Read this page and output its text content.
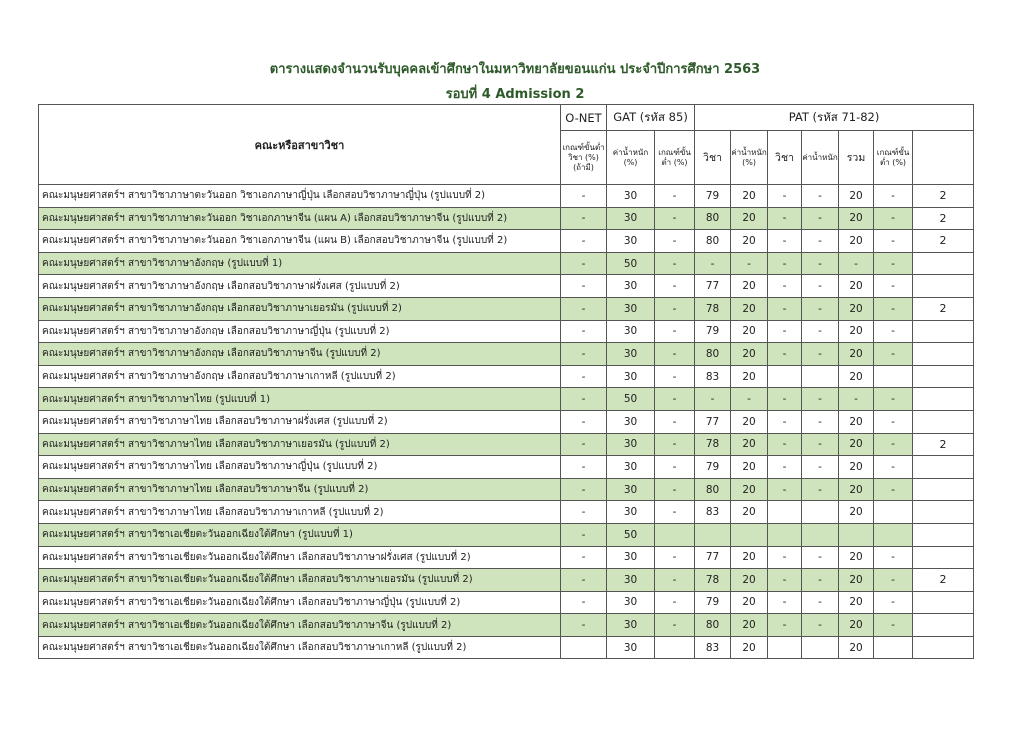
ตารางแสดงจำนวนรับบุคคลเข้าศึกษาในมหาวิทยาลัยขอนแก่น ประจำปีการศึกษา 2563
รอบที่ 4 Admission 2
คณะหรือสาขาวิชา	O-NET	GAT (รหัส 85)		PAT (รหัส 71-82)	
	เกณฑ์ขั้นต่ำวิชา (%) (ถ้ามี)	ค่าน้ำหนัก (%)	เกณฑ์ขั้นต่ำ (%)	วิชา	ค่าน้ำหนัก (%)	วิชา	ค่าน้ำหนัก	รวม	เกณฑ์ขั้นต่ำ (%)		
คณะมนุษยศาสตร์ฯ สาขาวิชาภาษาตะวันออก วิชาเอกภาษาญี่ปุ่น เลือกสอบวิชาภาษาญี่ปุ่น (รูปแบบที่ 2)	-	30	-	79	20	-	-	20	-	2	
คณะมนุษยศาสตร์ฯ สาขาวิชาภาษาตะวันออก วิชาเอกภาษาจีน (แผน A) เลือกสอบวิชาภาษาจีน (รูปแบบที่ 2)	-	30	-	80	20	-	-	20	-	2	
คณะมนุษยศาสตร์ฯ สาขาวิชาภาษาตะวันออก วิชาเอกภาษาจีน (แผน B) เลือกสอบวิชาภาษาจีน (รูปแบบที่ 2)	-	30	-	80	20	-	-	20	-	2	
คณะมนุษยศาสตร์ฯ สาขาวิชาภาษาอังกฤษ (รูปแบบที่ 1)	-	50	-	-	-	-	-	-	-		
คณะมนุษยศาสตร์ฯ สาขาวิชาภาษาอังกฤษ เลือกสอบวิชาภาษาฝรั่งเศส (รูปแบบที่ 2)	-	30	-	77	20	-	-	20	-		
คณะมนุษยศาสตร์ฯ สาขาวิชาภาษาอังกฤษ เลือกสอบวิชาภาษาเยอรมัน (รูปแบบที่ 2)	-	30	-	78	20	-	-	20	-	2	
คณะมนุษยศาสตร์ฯ สาขาวิชาภาษาอังกฤษ เลือกสอบวิชาภาษาญี่ปุ่น (รูปแบบที่ 2)	-	30	-	79	20	-	-	20	-		
คณะมนุษยศาสตร์ฯ สาขาวิชาภาษาอังกฤษ เลือกสอบวิชาภาษาจีน (รูปแบบที่ 2)	-	30	-	80	20	-	-	20	-		
คณะมนุษยศาสตร์ฯ สาขาวิชาภาษาอังกฤษ เลือกสอบวิชาภาษาเกาหลี (รูปแบบที่ 2)	-	30	-	83	20			20			
คณะมนุษยศาสตร์ฯ สาขาวิชาภาษาไทย (รูปแบบที่ 1)	-	50	-	-	-	-	-	-	-		
คณะมนุษยศาสตร์ฯ สาขาวิชาภาษาไทย เลือกสอบวิชาภาษาฝรั่งเศส (รูปแบบที่ 2)	-	30	-	77	20	-	-	20	-		
คณะมนุษยศาสตร์ฯ สาขาวิชาภาษาไทย เลือกสอบวิชาภาษาเยอรมัน (รูปแบบที่ 2)	-	30	-	78	20	-	-	20	-	2	
คณะมนุษยศาสตร์ฯ สาขาวิชาภาษาไทย เลือกสอบวิชาภาษาญี่ปุ่น (รูปแบบที่ 2)	-	30	-	79	20	-	-	20	-		
คณะมนุษยศาสตร์ฯ สาขาวิชาภาษาไทย เลือกสอบวิชาภาษาจีน (รูปแบบที่ 2)	-	30	-	80	20	-	-	20	-		
คณะมนุษยศาสตร์ฯ สาขาวิชาภาษาไทย เลือกสอบวิชาภาษาเกาหลี (รูปแบบที่ 2)	-	30	-	83	20			20			
คณะมนุษยศาสตร์ฯ สาขาวิชาเอเชียตะวันออกเฉียงใต้ศึกษา (รูปแบบที่ 1)	-	50									
คณะมนุษยศาสตร์ฯ สาขาวิชาเอเชียตะวันออกเฉียงใต้ศึกษา เลือกสอบวิชาภาษาฝรั่งเศส (รูปแบบที่ 2)	-	30	-	77	20	-	-	20	-		
คณะมนุษยศาสตร์ฯ สาขาวิชาเอเชียตะวันออกเฉียงใต้ศึกษา เลือกสอบวิชาภาษาเยอรมัน (รูปแบบที่ 2)	-	30	-	78	20	-	-	20	-	2	
คณะมนุษยศาสตร์ฯ สาขาวิชาเอเชียตะวันออกเฉียงใต้ศึกษา เลือกสอบวิชาภาษาญี่ปุ่น (รูปแบบที่ 2)	-	30	-	79	20	-	-	20	-		
คณะมนุษยศาสตร์ฯ สาขาวิชาเอเชียตะวันออกเฉียงใต้ศึกษา เลือกสอบวิชาภาษาจีน (รูปแบบที่ 2)	-	30	-	80	20	-	-	20	-		
คณะมนุษยศาสตร์ฯ สาขาวิชาเอเชียตะวันออกเฉียงใต้ศึกษา เลือกสอบวิชาภาษาเกาหลี (รูปแบบที่ 2)		30		83	20			20			
